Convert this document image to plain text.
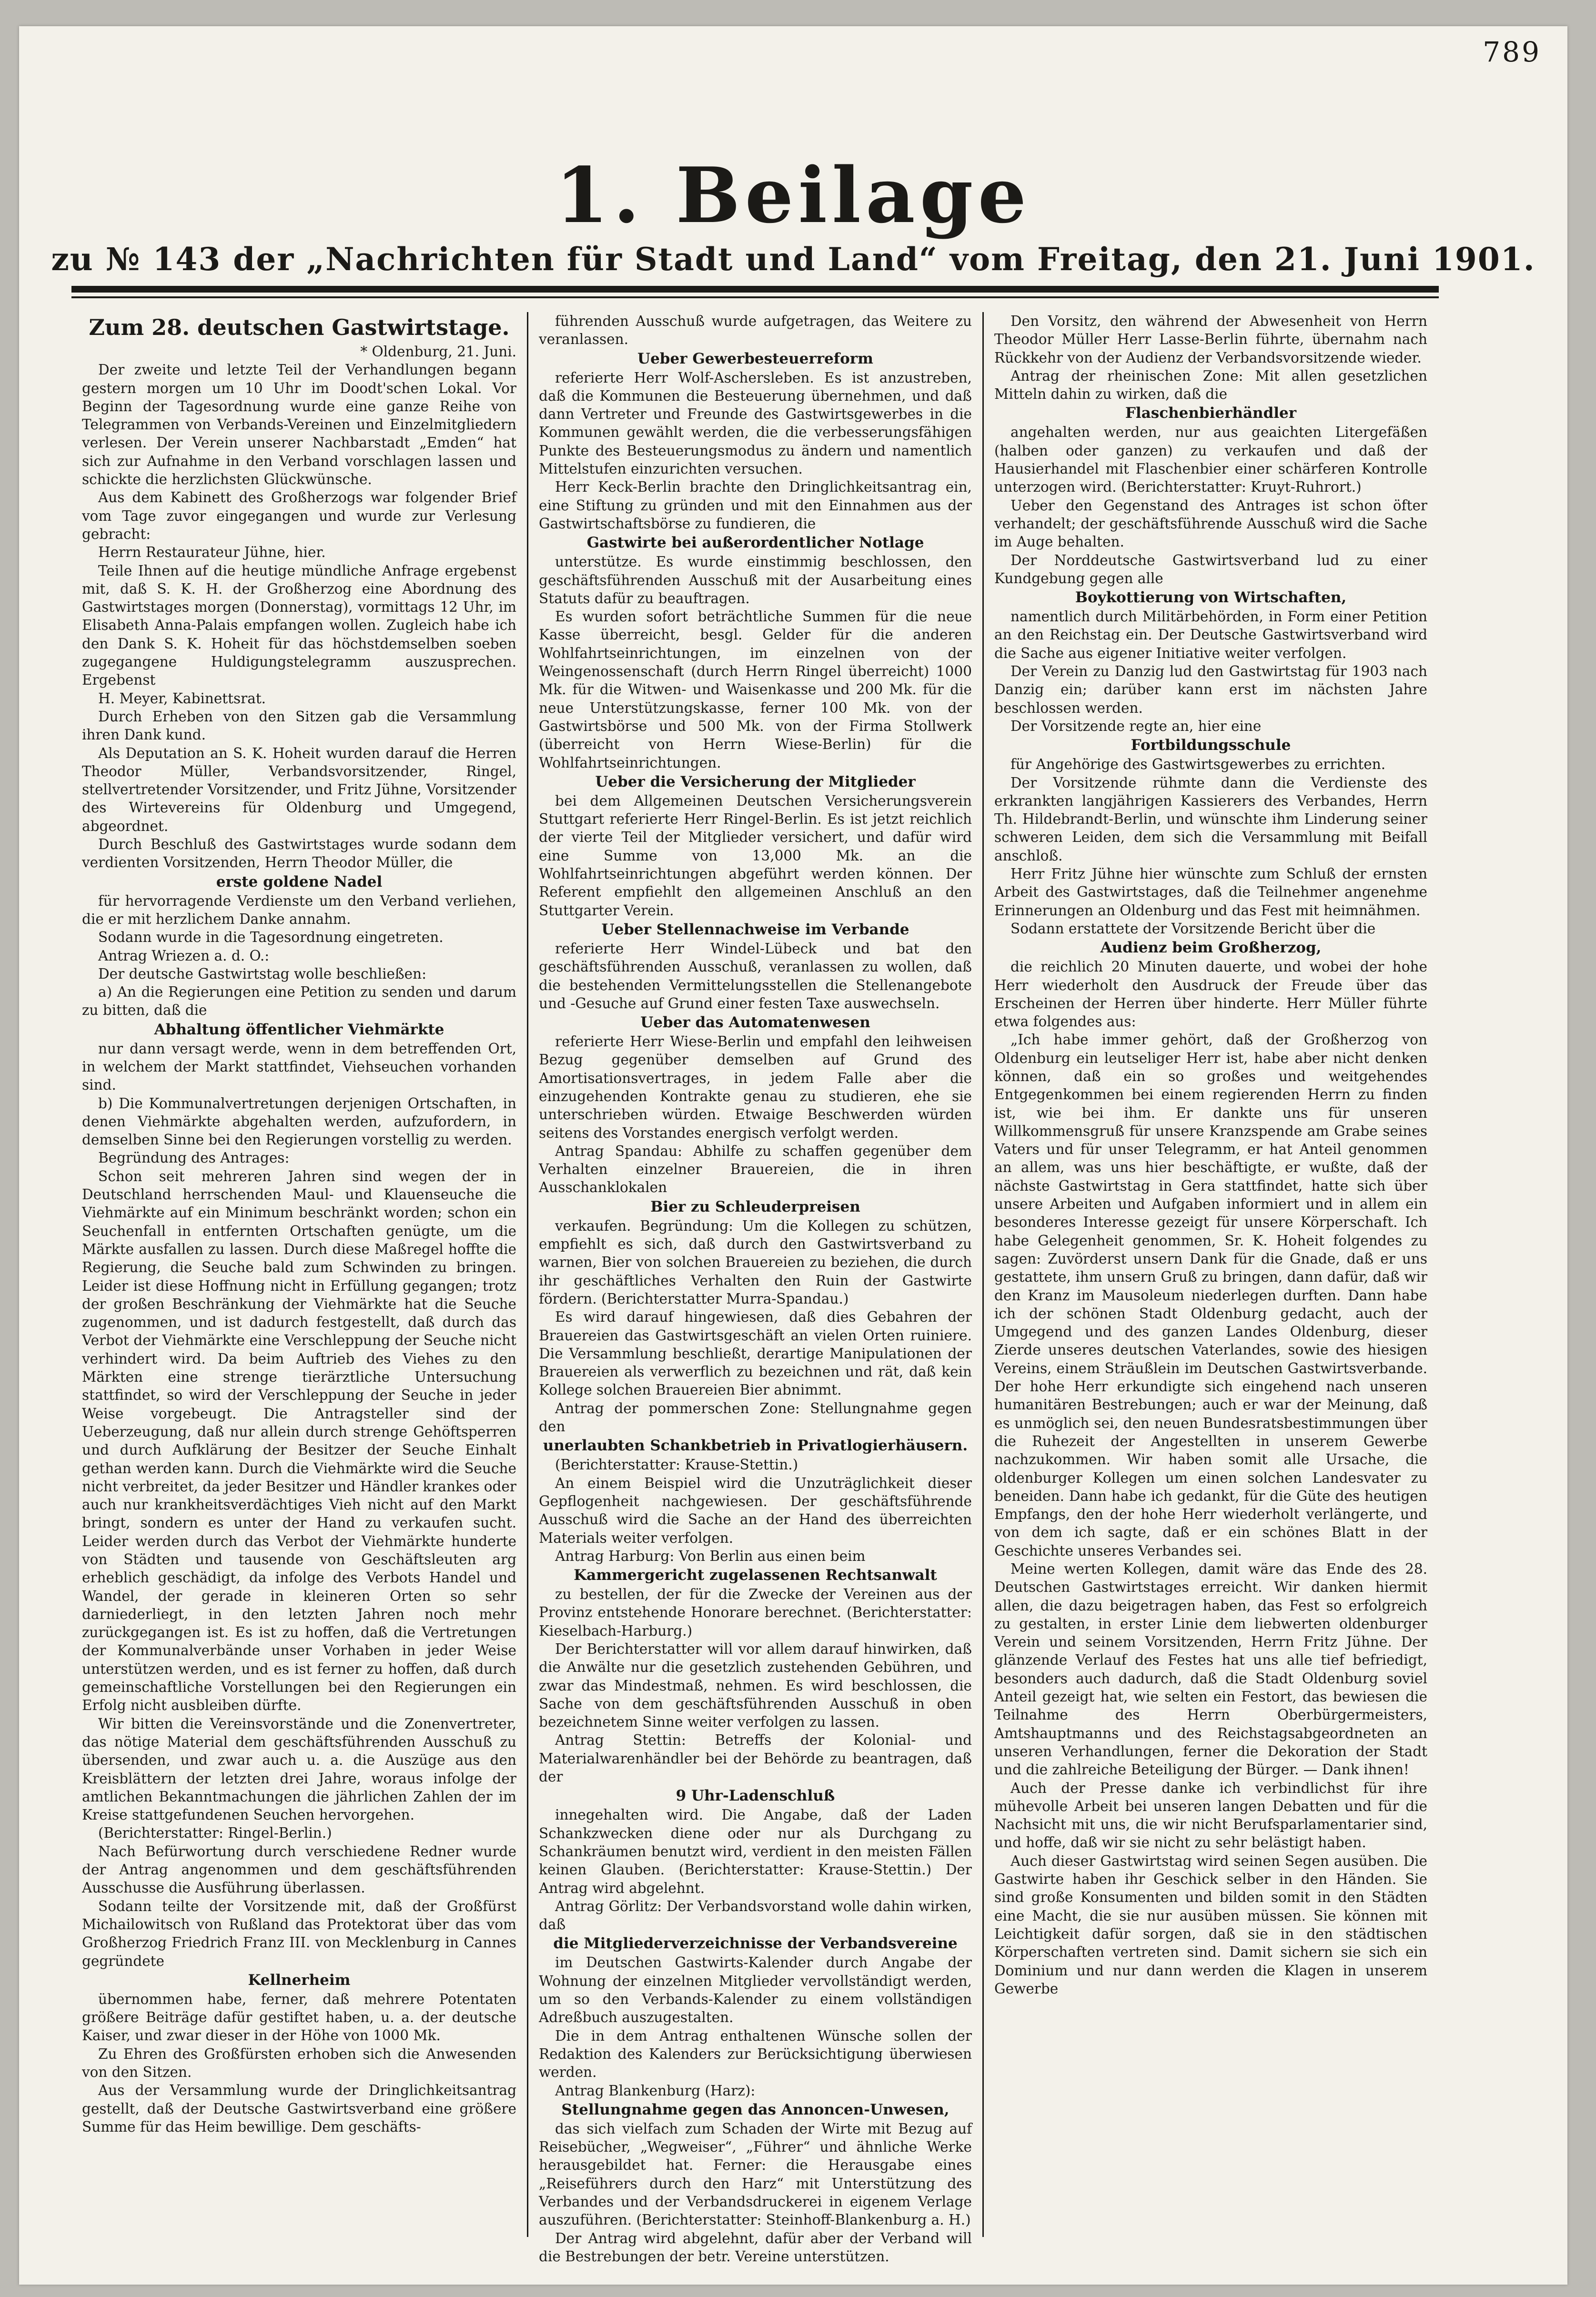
789
1. Beilage
zu № 143 der „Nachrichten für Stadt und Land“ vom Freitag, den 21. Juni 1901.
Zum 28. deutschen Gastwirtstage.

* Oldenburg, 21. Juni.

Der zweite und letzte Teil der Verhandlungen begann gestern morgen um 10 Uhr im Doodt'schen Lokal. Vor Beginn der Tagesordnung wurde eine ganze Reihe von Telegrammen von Verbands-Vereinen und Einzelmitgliedern verlesen. Der Verein unserer Nachbarstadt „Emden“ hat sich zur Aufnahme in den Verband vorschlagen lassen und schickte die herzlichsten Glückwünsche.

Aus dem Kabinett des Großherzogs war folgender Brief vom Tage zuvor eingegangen und wurde zur Verlesung gebracht:

Herrn Restaurateur Jühne, hier.

Teile Ihnen auf die heutige mündliche Anfrage ergebenst mit, daß S. K. H. der Großherzog eine Abordnung des Gastwirtstages morgen (Donnerstag), vormittags 12 Uhr, im Elisabeth Anna-Palais empfangen wollen. Zugleich habe ich den Dank S. K. Hoheit für das höchstdemselben soeben zugegangene Huldigungstelegramm auszusprechen. Ergebenst

H. Meyer, Kabinettsrat.

Durch Erheben von den Sitzen gab die Versammlung ihren Dank kund.

Als Deputation an S. K. Hoheit wurden darauf die Herren Theodor Müller, Verbandsvorsitzender, Ringel, stellvertretender Vorsitzender, und Fritz Jühne, Vorsitzender des Wirtevereins für Oldenburg und Umgegend, abgeordnet.

Durch Beschluß des Gastwirtstages wurde sodann dem verdienten Vorsitzenden, Herrn Theodor Müller, die

erste goldene Nadel

für hervorragende Verdienste um den Verband verliehen, die er mit herzlichem Danke annahm.

Sodann wurde in die Tagesordnung eingetreten.

Antrag Wriezen a. d. O.:

Der deutsche Gastwirtstag wolle beschließen:

a) An die Regierungen eine Petition zu senden und darum zu bitten, daß die

Abhaltung öffentlicher Viehmärkte

nur dann versagt werde, wenn in dem betreffenden Ort, in welchem der Markt stattfindet, Viehseuchen vorhanden sind.

b) Die Kommunalvertretungen derjenigen Ortschaften, in denen Viehmärkte abgehalten werden, aufzufordern, in demselben Sinne bei den Regierungen vorstellig zu werden.

Begründung des Antrages:

Schon seit mehreren Jahren sind wegen der in Deutschland herrschenden Maul- und Klauenseuche die Viehmärkte auf ein Minimum beschränkt worden; schon ein Seuchenfall in entfernten Ortschaften genügte, um die Märkte ausfallen zu lassen. Durch diese Maßregel hoffte die Regierung, die Seuche bald zum Schwinden zu bringen. Leider ist diese Hoffnung nicht in Erfüllung gegangen; trotz der großen Beschränkung der Viehmärkte hat die Seuche zugenommen, und ist dadurch festgestellt, daß durch das Verbot der Viehmärkte eine Verschleppung der Seuche nicht verhindert wird. Da beim Auftrieb des Viehes zu den Märkten eine strenge tierärztliche Untersuchung stattfindet, so wird der Verschleppung der Seuche in jeder Weise vorgebeugt. Die Antragsteller sind der Ueberzeugung, daß nur allein durch strenge Gehöftsperren und durch Aufklärung der Besitzer der Seuche Einhalt gethan werden kann. Durch die Viehmärkte wird die Seuche nicht verbreitet, da jeder Besitzer und Händler krankes oder auch nur krankheitsverdächtiges Vieh nicht auf den Markt bringt, sondern es unter der Hand zu verkaufen sucht. Leider werden durch das Verbot der Viehmärkte hunderte von Städten und tausende von Geschäftsleuten arg erheblich geschädigt, da infolge des Verbots Handel und Wandel, der gerade in kleineren Orten so sehr darniederliegt, in den letzten Jahren noch mehr zurückgegangen ist. Es ist zu hoffen, daß die Vertretungen der Kommunalverbände unser Vorhaben in jeder Weise unterstützen werden, und es ist ferner zu hoffen, daß durch gemeinschaftliche Vorstellungen bei den Regierungen ein Erfolg nicht ausbleiben dürfte.

Wir bitten die Vereinsvorstände und die Zonenvertreter, das nötige Material dem geschäftsführenden Ausschuß zu übersenden, und zwar auch u. a. die Auszüge aus den Kreisblättern der letzten drei Jahre, woraus infolge der amtlichen Bekanntmachungen die jährlichen Zahlen der im Kreise stattgefundenen Seuchen hervorgehen.

(Berichterstatter: Ringel-Berlin.)

Nach Befürwortung durch verschiedene Redner wurde der Antrag angenommen und dem geschäftsführenden Ausschusse die Ausführung überlassen.

Sodann teilte der Vorsitzende mit, daß der Großfürst Michailowitsch von Rußland das Protektorat über das vom Großherzog Friedrich Franz III. von Mecklenburg in Cannes gegründete

Kellnerheim

übernommen habe, ferner, daß mehrere Potentaten größere Beiträge dafür gestiftet haben, u. a. der deutsche Kaiser, und zwar dieser in der Höhe von 1000 Mk.

Zu Ehren des Großfürsten erhoben sich die Anwesenden von den Sitzen.

Aus der Versammlung wurde der Dringlichkeitsantrag gestellt, daß der Deutsche Gastwirtsverband eine größere Summe für das Heim bewillige. Dem geschäfts-

führenden Ausschuß wurde aufgetragen, das Weitere zu veranlassen.

Ueber Gewerbesteuerreform

referierte Herr Wolf-Aschersleben. Es ist anzustreben, daß die Kommunen die Besteuerung übernehmen, und daß dann Vertreter und Freunde des Gastwirtsgewerbes in die Kommunen gewählt werden, die die verbesserungsfähigen Punkte des Besteuerungsmodus zu ändern und namentlich Mittelstufen einzurichten versuchen.

Herr Keck-Berlin brachte den Dringlichkeitsantrag ein, eine Stiftung zu gründen und mit den Einnahmen aus der Gastwirtschaftsbörse zu fundieren, die

Gastwirte bei außerordentlicher Notlage

unterstütze. Es wurde einstimmig beschlossen, den geschäftsführenden Ausschuß mit der Ausarbeitung eines Statuts dafür zu beauftragen.

Es wurden sofort beträchtliche Summen für die neue Kasse überreicht, besgl. Gelder für die anderen Wohlfahrtseinrichtungen, im einzelnen von der Weingenossenschaft (durch Herrn Ringel überreicht) 1000 Mk. für die Witwen- und Waisenkasse und 200 Mk. für die neue Unterstützungskasse, ferner 100 Mk. von der Gastwirtsbörse und 500 Mk. von der Firma Stollwerk (überreicht von Herrn Wiese-Berlin) für die Wohlfahrtseinrichtungen.

Ueber die Versicherung der Mitglieder

bei dem Allgemeinen Deutschen Versicherungsverein Stuttgart referierte Herr Ringel-Berlin. Es ist jetzt reichlich der vierte Teil der Mitglieder versichert, und dafür wird eine Summe von 13,000 Mk. an die Wohlfahrtseinrichtungen abgeführt werden können. Der Referent empfiehlt den allgemeinen Anschluß an den Stuttgarter Verein.

Ueber Stellennachweise im Verbande

referierte Herr Windel-Lübeck und bat den geschäftsführenden Ausschuß, veranlassen zu wollen, daß die bestehenden Vermittelungsstellen die Stellenangebote und -Gesuche auf Grund einer festen Taxe auswechseln.

Ueber das Automatenwesen

referierte Herr Wiese-Berlin und empfahl den leihweisen Bezug gegenüber demselben auf Grund des Amortisationsvertrages, in jedem Falle aber die einzugehenden Kontrakte genau zu studieren, ehe sie unterschrieben würden. Etwaige Beschwerden würden seitens des Vorstandes energisch verfolgt werden.

Antrag Spandau: Abhilfe zu schaffen gegenüber dem Verhalten einzelner Brauereien, die in ihren Ausschanklokalen

Bier zu Schleuderpreisen

verkaufen. Begründung: Um die Kollegen zu schützen, empfiehlt es sich, daß durch den Gastwirtsverband zu warnen, Bier von solchen Brauereien zu beziehen, die durch ihr geschäftliches Verhalten den Ruin der Gastwirte fördern. (Berichterstatter Murra-Spandau.)

Es wird darauf hingewiesen, daß dies Gebahren der Brauereien das Gastwirtsgeschäft an vielen Orten ruiniere. Die Versammlung beschließt, derartige Manipulationen der Brauereien als verwerflich zu bezeichnen und rät, daß kein Kollege solchen Brauereien Bier abnimmt.

Antrag der pommerschen Zone: Stellungnahme gegen den

unerlaubten Schankbetrieb in Privatlogierhäusern.

(Berichterstatter: Krause-Stettin.)

An einem Beispiel wird die Unzuträglichkeit dieser Gepflogenheit nachgewiesen. Der geschäftsführende Ausschuß wird die Sache an der Hand des überreichten Materials weiter verfolgen.

Antrag Harburg: Von Berlin aus einen beim

Kammergericht zugelassenen Rechtsanwalt

zu bestellen, der für die Zwecke der Vereinen aus der Provinz entstehende Honorare berechnet. (Berichterstatter: Kieselbach-Harburg.)

Der Berichterstatter will vor allem darauf hinwirken, daß die Anwälte nur die gesetzlich zustehenden Gebühren, und zwar das Mindestmaß, nehmen. Es wird beschlossen, die Sache von dem geschäftsführenden Ausschuß in oben bezeichnetem Sinne weiter verfolgen zu lassen.

Antrag Stettin: Betreffs der Kolonial- und Materialwarenhändler bei der Behörde zu beantragen, daß der

9 Uhr-Ladenschluß

innegehalten wird. Die Angabe, daß der Laden Schankzwecken diene oder nur als Durchgang zu Schankräumen benutzt wird, verdient in den meisten Fällen keinen Glauben. (Berichterstatter: Krause-Stettin.) Der Antrag wird abgelehnt.

Antrag Görlitz: Der Verbandsvorstand wolle dahin wirken, daß

die Mitgliederverzeichnisse der Verbandsvereine

im Deutschen Gastwirts-Kalender durch Angabe der Wohnung der einzelnen Mitglieder vervollständigt werden, um so den Verbands-Kalender zu einem vollständigen Adreßbuch auszugestalten.

Die in dem Antrag enthaltenen Wünsche sollen der Redaktion des Kalenders zur Berücksichtigung überwiesen werden.

Antrag Blankenburg (Harz):

Stellungnahme gegen das Annoncen-Unwesen,

das sich vielfach zum Schaden der Wirte mit Bezug auf Reisebücher, „Wegweiser“, „Führer“ und ähnliche Werke herausgebildet hat. Ferner: die Herausgabe eines „Reiseführers durch den Harz“ mit Unterstützung des Verbandes und der Verbandsdruckerei in eigenem Verlage auszuführen. (Berichterstatter: Steinhoff-Blankenburg a. H.)

Der Antrag wird abgelehnt, dafür aber der Verband will die Bestrebungen der betr. Vereine unterstützen.

Den Vorsitz, den während der Abwesenheit von Herrn Theodor Müller Herr Lasse-Berlin führte, übernahm nach Rückkehr von der Audienz der Verbandsvorsitzende wieder.

Antrag der rheinischen Zone: Mit allen gesetzlichen Mitteln dahin zu wirken, daß die

Flaschenbierhändler

angehalten werden, nur aus geaichten Litergefäßen (halben oder ganzen) zu verkaufen und daß der Hausierhandel mit Flaschenbier einer schärferen Kontrolle unterzogen wird. (Berichterstatter: Kruyt-Ruhrort.)

Ueber den Gegenstand des Antrages ist schon öfter verhandelt; der geschäftsführende Ausschuß wird die Sache im Auge behalten.

Der Norddeutsche Gastwirtsverband lud zu einer Kundgebung gegen alle

Boykottierung von Wirtschaften,

namentlich durch Militärbehörden, in Form einer Petition an den Reichstag ein. Der Deutsche Gastwirtsverband wird die Sache aus eigener Initiative weiter verfolgen.

Der Verein zu Danzig lud den Gastwirtstag für 1903 nach Danzig ein; darüber kann erst im nächsten Jahre beschlossen werden.

Der Vorsitzende regte an, hier eine

Fortbildungsschule

für Angehörige des Gastwirtsgewerbes zu errichten.

Der Vorsitzende rühmte dann die Verdienste des erkrankten langjährigen Kassierers des Verbandes, Herrn Th. Hildebrandt-Berlin, und wünschte ihm Linderung seiner schweren Leiden, dem sich die Versammlung mit Beifall anschloß.

Herr Fritz Jühne hier wünschte zum Schluß der ernsten Arbeit des Gastwirtstages, daß die Teilnehmer angenehme Erinnerungen an Oldenburg und das Fest mit heimnähmen.

Sodann erstattete der Vorsitzende Bericht über die

Audienz beim Großherzog,

die reichlich 20 Minuten dauerte, und wobei der hohe Herr wiederholt den Ausdruck der Freude über das Erscheinen der Herren über hinderte. Herr Müller führte etwa folgendes aus:

„Ich habe immer gehört, daß der Großherzog von Oldenburg ein leutseliger Herr ist, habe aber nicht denken können, daß ein so großes und weitgehendes Entgegenkommen bei einem regierenden Herrn zu finden ist, wie bei ihm. Er dankte uns für unseren Willkommensgruß für unsere Kranzspende am Grabe seines Vaters und für unser Telegramm, er hat Anteil genommen an allem, was uns hier beschäftigte, er wußte, daß der nächste Gastwirtstag in Gera stattfindet, hatte sich über unsere Arbeiten und Aufgaben informiert und in allem ein besonderes Interesse gezeigt für unsere Körperschaft. Ich habe Gelegenheit genommen, Sr. K. Hoheit folgendes zu sagen: Zuvörderst unsern Dank für die Gnade, daß er uns gestattete, ihm unsern Gruß zu bringen, dann dafür, daß wir den Kranz im Mausoleum niederlegen durften. Dann habe ich der schönen Stadt Oldenburg gedacht, auch der Umgegend und des ganzen Landes Oldenburg, dieser Zierde unseres deutschen Vaterlandes, sowie des hiesigen Vereins, einem Sträußlein im Deutschen Gastwirtsverbande. Der hohe Herr erkundigte sich eingehend nach unseren humanitären Bestrebungen; auch er war der Meinung, daß es unmöglich sei, den neuen Bundesratsbestimmungen über die Ruhezeit der Angestellten in unserem Gewerbe nachzukommen. Wir haben somit alle Ursache, die oldenburger Kollegen um einen solchen Landesvater zu beneiden. Dann habe ich gedankt, für die Güte des heutigen Empfangs, den der hohe Herr wiederholt verlängerte, und von dem ich sagte, daß er ein schönes Blatt in der Geschichte unseres Verbandes sei.

Meine werten Kollegen, damit wäre das Ende des 28. Deutschen Gastwirtstages erreicht. Wir danken hiermit allen, die dazu beigetragen haben, das Fest so erfolgreich zu gestalten, in erster Linie dem liebwerten oldenburger Verein und seinem Vorsitzenden, Herrn Fritz Jühne. Der glänzende Verlauf des Festes hat uns alle tief befriedigt, besonders auch dadurch, daß die Stadt Oldenburg soviel Anteil gezeigt hat, wie selten ein Festort, das bewiesen die Teilnahme des Herrn Oberbürgermeisters, Amtshauptmanns und des Reichstagsabgeordneten an unseren Verhandlungen, ferner die Dekoration der Stadt und die zahlreiche Beteiligung der Bürger. — Dank ihnen!

Auch der Presse danke ich verbindlichst für ihre mühevolle Arbeit bei unseren langen Debatten und für die Nachsicht mit uns, die wir nicht Berufsparlamentarier sind, und hoffe, daß wir sie nicht zu sehr belästigt haben.

Auch dieser Gastwirtstag wird seinen Segen ausüben. Die Gastwirte haben ihr Geschick selber in den Händen. Sie sind große Konsumenten und bilden somit in den Städten eine Macht, die sie nur ausüben müssen. Sie können mit Leichtigkeit dafür sorgen, daß sie in den städtischen Körperschaften vertreten sind. Damit sichern sie sich ein Dominium und nur dann werden die Klagen in unserem Gewerbe
